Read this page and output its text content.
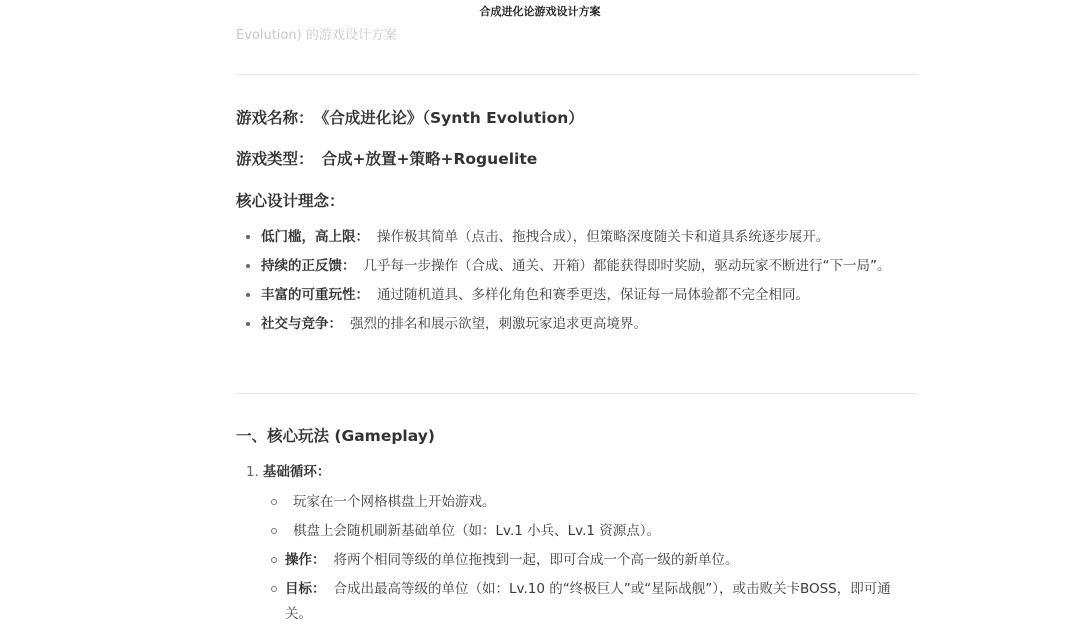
合成进化论游戏设计方案
Evolution) 的游戏设计方案
游戏名称： 《合成进化论》（Synth Evolution）
游戏类型： 合成+放置+策略+Roguelite
核心设计理念：
低门槛，高上限： 操作极其简单（点击、拖拽合成），但策略深度随关卡和道具系统逐步展开。
持续的正反馈： 几乎每一步操作（合成、通关、开箱）都能获得即时奖励，驱动玩家不断进行“下一局”。
丰富的可重玩性： 通过随机道具、多样化角色和赛季更迭，保证每一局体验都不完全相同。
社交与竞争： 强烈的排名和展示欲望，刺激玩家追求更高境界。
一、核心玩法 (Gameplay)
1. 基础循环：
玩家在一个网格棋盘上开始游戏。
棋盘上会随机刷新基础单位（如：Lv.1 小兵、Lv.1 资源点）。
操作： 将两个相同等级的单位拖拽到一起，即可合成一个高一级的新单位。
目标： 合成出最高等级的单位（如：Lv.10 的“终极巨人”或“星际战舰”），或击败关卡BOSS，即可通关。
